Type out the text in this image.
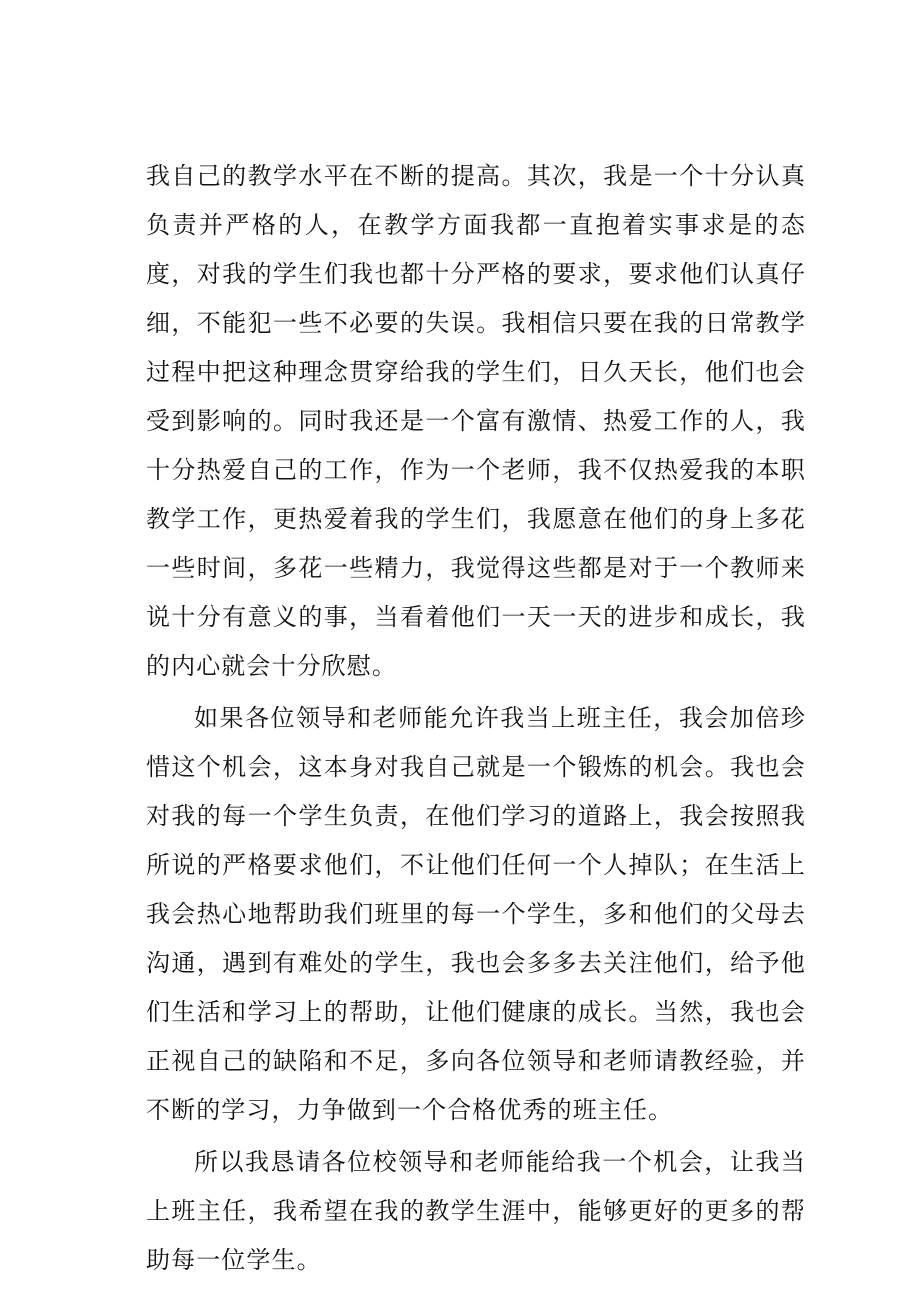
我自己的教学水平在不断的提高。其次，我是一个十分认真负责并严格的人，在教学方面我都一直抱着实事求是的态度，对我的学生们我也都十分严格的要求，要求他们认真仔细，不能犯一些不必要的失误。我相信只要在我的日常教学过程中把这种理念贯穿给我的学生们，日久天长，他们也会受到影响的。同时我还是一个富有激情、热爱工作的人，我十分热爱自己的工作，作为一个老师，我不仅热爱我的本职教学工作，更热爱着我的学生们，我愿意在他们的身上多花一些时间，多花一些精力，我觉得这些都是对于一个教师来说十分有意义的事，当看着他们一天一天的进步和成长，我的内心就会十分欣慰。

如果各位领导和老师能允许我当上班主任，我会加倍珍惜这个机会，这本身对我自己就是一个锻炼的机会。我也会对我的每一个学生负责，在他们学习的道路上，我会按照我所说的严格要求他们，不让他们任何一个人掉队；在生活上我会热心地帮助我们班里的每一个学生，多和他们的父母去沟通，遇到有难处的学生，我也会多多去关注他们，给予他们生活和学习上的帮助，让他们健康的成长。当然，我也会正视自己的缺陷和不足，多向各位领导和老师请教经验，并不断的学习，力争做到一个合格优秀的班主任。

所以我恳请各位校领导和老师能给我一个机会，让我当上班主任，我希望在我的教学生涯中，能够更好的更多的帮助每一位学生。
